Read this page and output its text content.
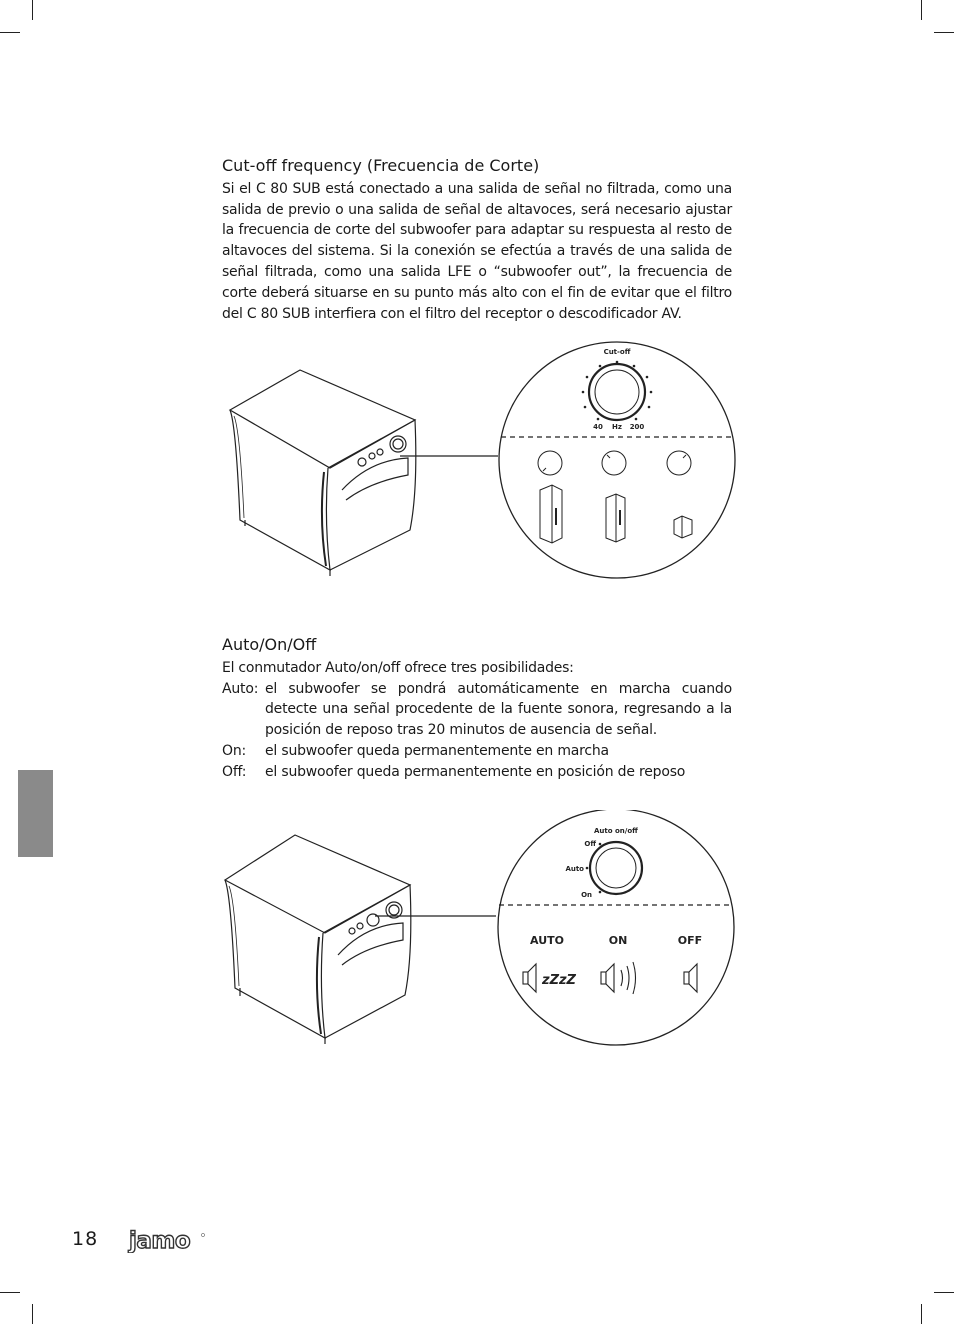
Cut-off frequency (Frecuencia de Corte)

Si el C 80 SUB está conectado a una salida de señal no filtrada, como una salida de previo o una salida de señal de altavoces, será necesario ajustar la frecuencia de corte del subwoofer para adaptar su respuesta al resto de altavoces del sistema. Si la conexión se efectúa a través de una salida de señal filtrada, como una salida LFE o “subwoofer out”, la frecuencia de corte deberá situarse en su punto más alto con el fin de evitar que el filtro del C 80 SUB interfiera con el filtro del receptor o descodificador AV.

Cut-off
40 Hz 200
Auto/On/Off

El conmutador Auto/on/off ofrece tres posibilidades:

Auto: el subwoofer se pondrá automáticamente en marcha cuando detecte una señal procedente de la fuente sonora, regresando a la posición de reposo tras 20 minutos de ausencia de señal.
On:	el subwoofer queda permanentemente en marcha
Off:	el subwoofer queda permanentemente en posición de reposo
Auto on/off
Off
Auto
On
AUTO	ON	OFF
zZzZ
18 jamo
